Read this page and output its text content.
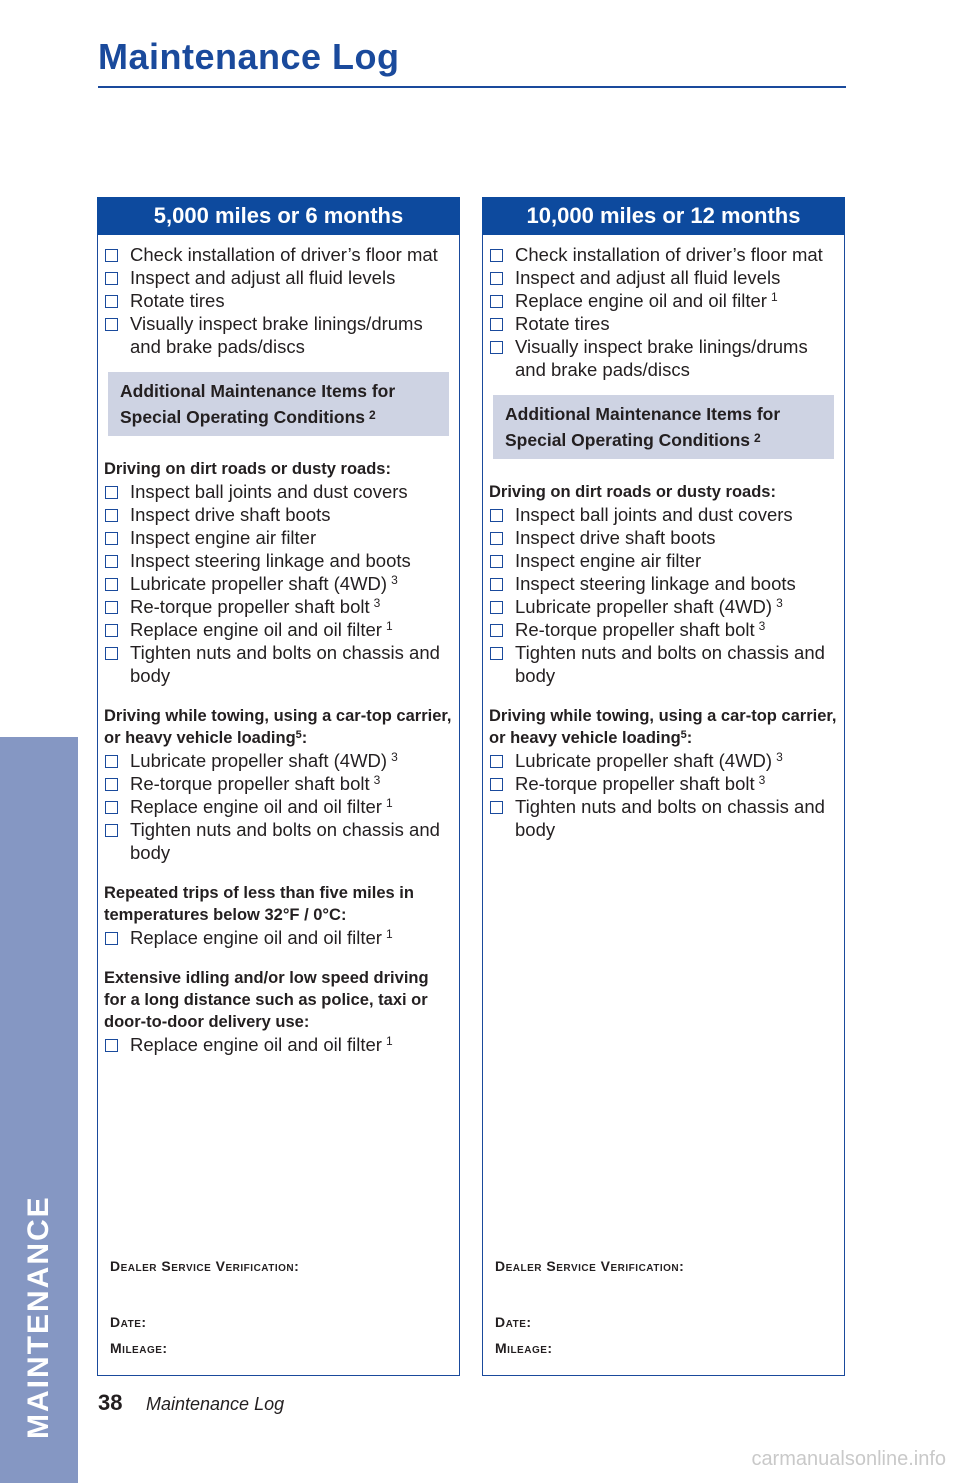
Maintenance Log
MAINTENANCE
5,000 miles or 6 months
Check installation of driver’s floor mat
Inspect and adjust all fluid levels
Rotate tires
Visually inspect brake linings/drums and brake pads/discs
Additional Maintenance Items for
Special Operating Conditions $^2$
Driving on dirt roads or dusty roads:
Inspect ball joints and dust covers
Inspect drive shaft boots
Inspect engine air filter
Inspect steering linkage and boots
Lubricate propeller shaft (4WD) $^3$
Re-torque propeller shaft bolt $^3$
Replace engine oil and oil filter $^1$
Tighten nuts and bolts on chassis and body
Driving while towing, using a car-top carrier, or heavy vehicle loading$^5$:
Lubricate propeller shaft (4WD) $^3$
Re-torque propeller shaft bolt $^3$
Replace engine oil and oil filter $^1$
Tighten nuts and bolts on chassis and body
Repeated trips of less than five miles in temperatures below 32°F / 0°C:
Replace engine oil and oil filter $^1$
Extensive idling and/or low speed driving for a long distance such as police, taxi or door-to-door delivery use:
Replace engine oil and oil filter $^1$
Dealer Service Verification:
Date:
Mileage:
10,000 miles or 12 months
Check installation of driver’s floor mat
Inspect and adjust all fluid levels
Replace engine oil and oil filter $^1$
Rotate tires
Visually inspect brake linings/drums and brake pads/discs
Additional Maintenance Items for
Special Operating Conditions $^2$
Driving on dirt roads or dusty roads:
Inspect ball joints and dust covers
Inspect drive shaft boots
Inspect engine air filter
Inspect steering linkage and boots
Lubricate propeller shaft (4WD) $^3$
Re-torque propeller shaft bolt $^3$
Tighten nuts and bolts on chassis and body
Driving while towing, using a car-top carrier, or heavy vehicle loading$^5$:
Lubricate propeller shaft (4WD) $^3$
Re-torque propeller shaft bolt $^3$
Tighten nuts and bolts on chassis and body
Dealer Service Verification:
Date:
Mileage:
38 Maintenance Log
carmanualsonline.info
